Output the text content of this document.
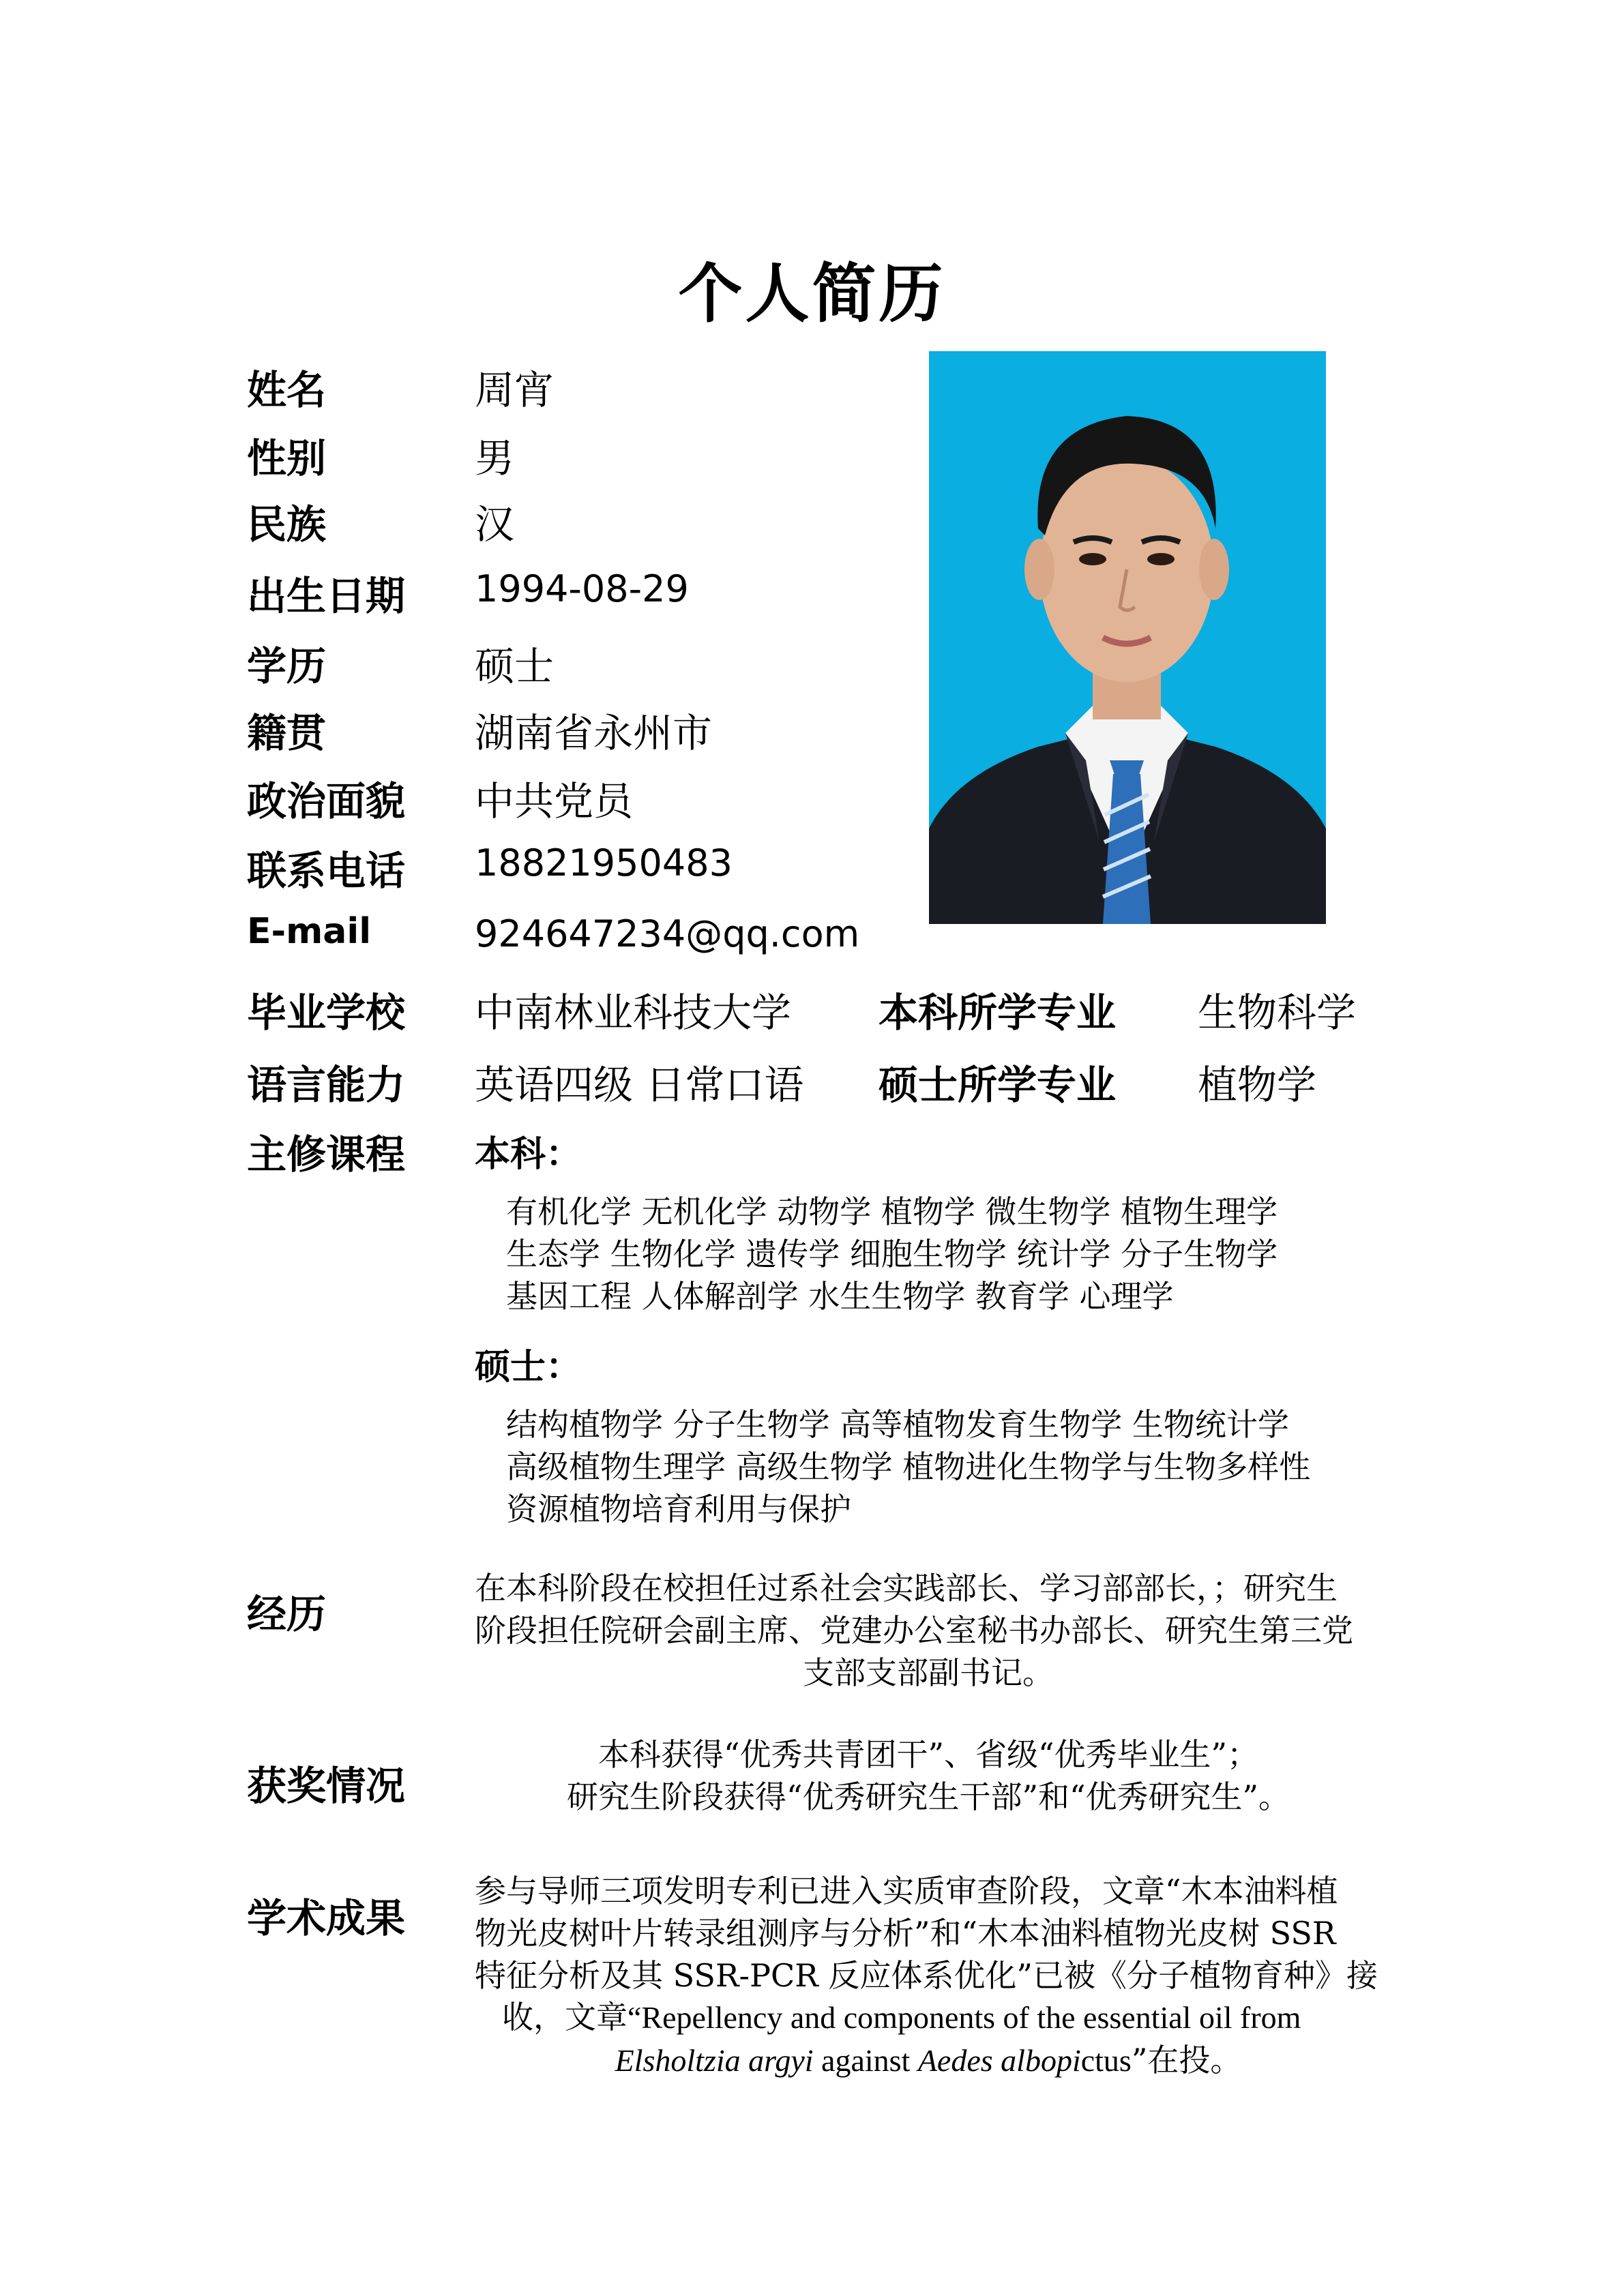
个人简历
姓名	周宵
性别	男
民族	汉
出生日期 1994-08-29
学历	硕士
籍贯	湖南省永州市
政治面貌 中共党员
联系电话 18821950483
E-mail	924647234@qq.com
毕业学校 中南林业科技大学 本科所学专业 生物科学
语言能力 英语四级 日常口语 硕士所学专业 植物学
主修课程 本科：
有机化学 无机化学 动物学 植物学 微生物学 植物生理学
生态学 生物化学 遗传学 细胞生物学 统计学 分子生物学
基因工程 人体解剖学 水生生物学 教育学 心理学
硕士：
结构植物学 分子生物学 高等植物发育生物学 生物统计学
高级植物生理学 高级生物学 植物进化生物学与生物多样性
资源植物培育利用与保护
经历
在本科阶段在校担任过系社会实践部长、学习部部长，；研究生
阶段担任院研会副主席、党建办公室秘书办部长、研究生第三党
支部支部副书记。
获奖情况
本科获得“优秀共青团干”、省级“优秀毕业生”；
研究生阶段获得“优秀研究生干部”和“优秀研究生”。
学术成果
参与导师三项发明专利已进入实质审查阶段，文章“木本油料植
物光皮树叶片转录组测序与分析”和“木本油料植物光皮树 SSR
特征分析及其 SSR-PCR 反应体系优化”已被《分子植物育种》接
收，文章“Repellency and components of the essential oil from
Elsholtzia argyi against Aedes albopictus”在投。
